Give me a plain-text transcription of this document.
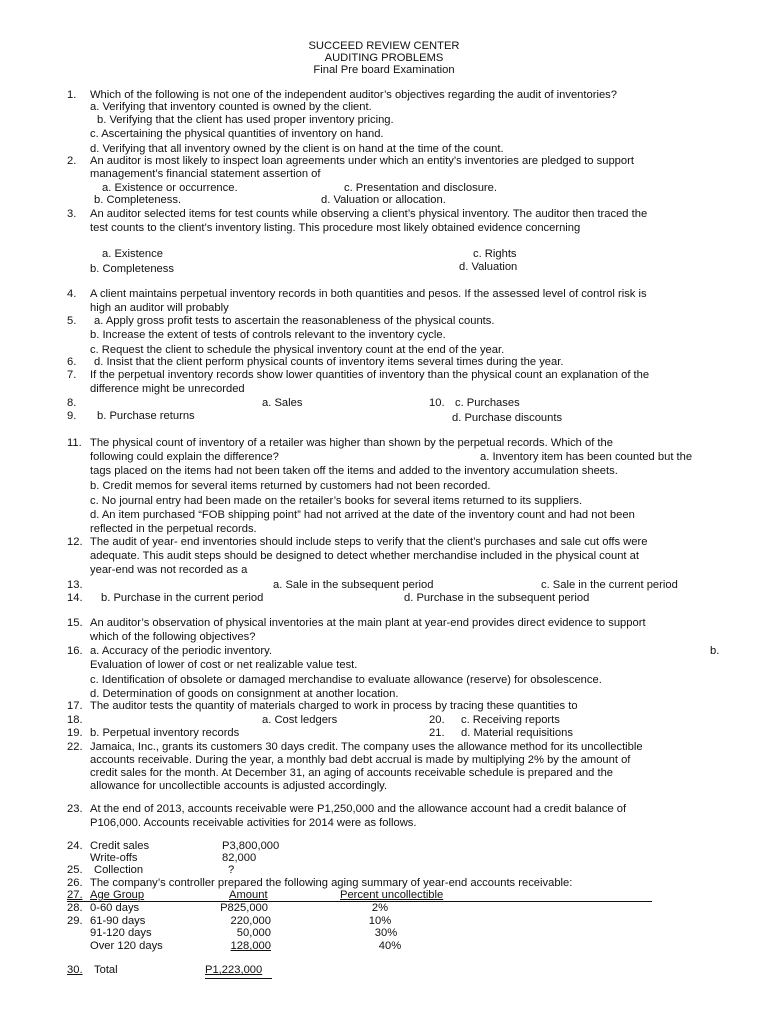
SUCCEED REVIEW CENTER
AUDITING PROBLEMS
Final Pre board Examination
1. Which of the following is not one of the independent auditor’s objectives regarding the audit of inventories?
a. Verifying that inventory counted is owned by the client.
b. Verifying that the client has used proper inventory pricing.
c. Ascertaining the physical quantities of inventory on hand.
d. Verifying that all inventory owned by the client is on hand at the time of the count.
2. An auditor is most likely to inspect loan agreements under which an entity’s inventories are pledged to support
management’s financial statement assertion of
a. Existence or occurrence.	c. Presentation and disclosure.
b. Completeness.	d. Valuation or allocation.
3. An auditor selected items for test counts while observing a client’s physical inventory. The auditor then traced the
test counts to the client’s inventory listing. This procedure most likely obtained evidence concerning
a. Existence	c. Rights
b. Completeness	d. Valuation
4. A client maintains perpetual inventory records in both quantities and pesos. If the assessed level of control risk is
high an auditor will probably
5. a. Apply gross profit tests to ascertain the reasonableness of the physical counts.
b. Increase the extent of tests of controls relevant to the inventory cycle.
c. Request the client to schedule the physical inventory count at the end of the year.
6. d. Insist that the client perform physical counts of inventory items several times during the year.
7. If the perpetual inventory records show lower quantities of inventory than the physical count an explanation of the
difference might be unrecorded
8.	a. Sales	10. c. Purchases
9. b. Purchase returns	d. Purchase discounts
11. The physical count of inventory of a retailer was higher than shown by the perpetual records. Which of the
following could explain the difference?	a. Inventory item has been counted but the
tags placed on the items had not been taken off the items and added to the inventory accumulation sheets.
b. Credit memos for several items returned by customers had not been recorded.
c. No journal entry had been made on the retailer’s books for several items returned to its suppliers.
d. An item purchased “FOB shipping point” had not arrived at the date of the inventory count and had not been
reflected in the perpetual records.
12. The audit of year- end inventories should include steps to verify that the client’s purchases and sale cut offs were
adequate. This audit steps should be designed to detect whether merchandise included in the physical count at
year-end was not recorded as a
13.	a. Sale in the subsequent period	c. Sale in the current period
14. b. Purchase in the current period	d. Purchase in the subsequent period
15. An auditor’s observation of physical inventories at the main plant at year-end provides direct evidence to support
which of the following objectives?
16. a. Accuracy of the periodic inventory.	b.
Evaluation of lower of cost or net realizable value test.
c. Identification of obsolete or damaged merchandise to evaluate allowance (reserve) for obsolescence.
d. Determination of goods on consignment at another location.
17. The auditor tests the quantity of materials charged to work in process by tracing these quantities to
18.	a. Cost ledgers	20. c. Receiving reports
19. b. Perpetual inventory records	21. d. Material requisitions
22. Jamaica, Inc., grants its customers 30 days credit. The company uses the allowance method for its uncollectible
accounts receivable. During the year, a monthly bad debt accrual is made by multiplying 2% by the amount of
credit sales for the month. At December 31, an aging of accounts receivable schedule is prepared and the
allowance for uncollectible accounts is adjusted accordingly.
23. At the end of 2013, accounts receivable were P1,250,000 and the allowance account had a credit balance of
P106,000. Accounts receivable activities for 2014 were as follows.
24. Credit sales	P3,800,000
Write-offs	82,000
25. Collection	?
26. The company’s controller prepared the following aging summary of year-end accounts receivable:
27. Age Group	Amount	Percent uncollectible
28. 0-60 days	P825,000	2%
29. 61-90 days	220,000	10%
91-120 days	50,000	30%
Over 120 days	128,000	40%
30. Total	P1,223,000
